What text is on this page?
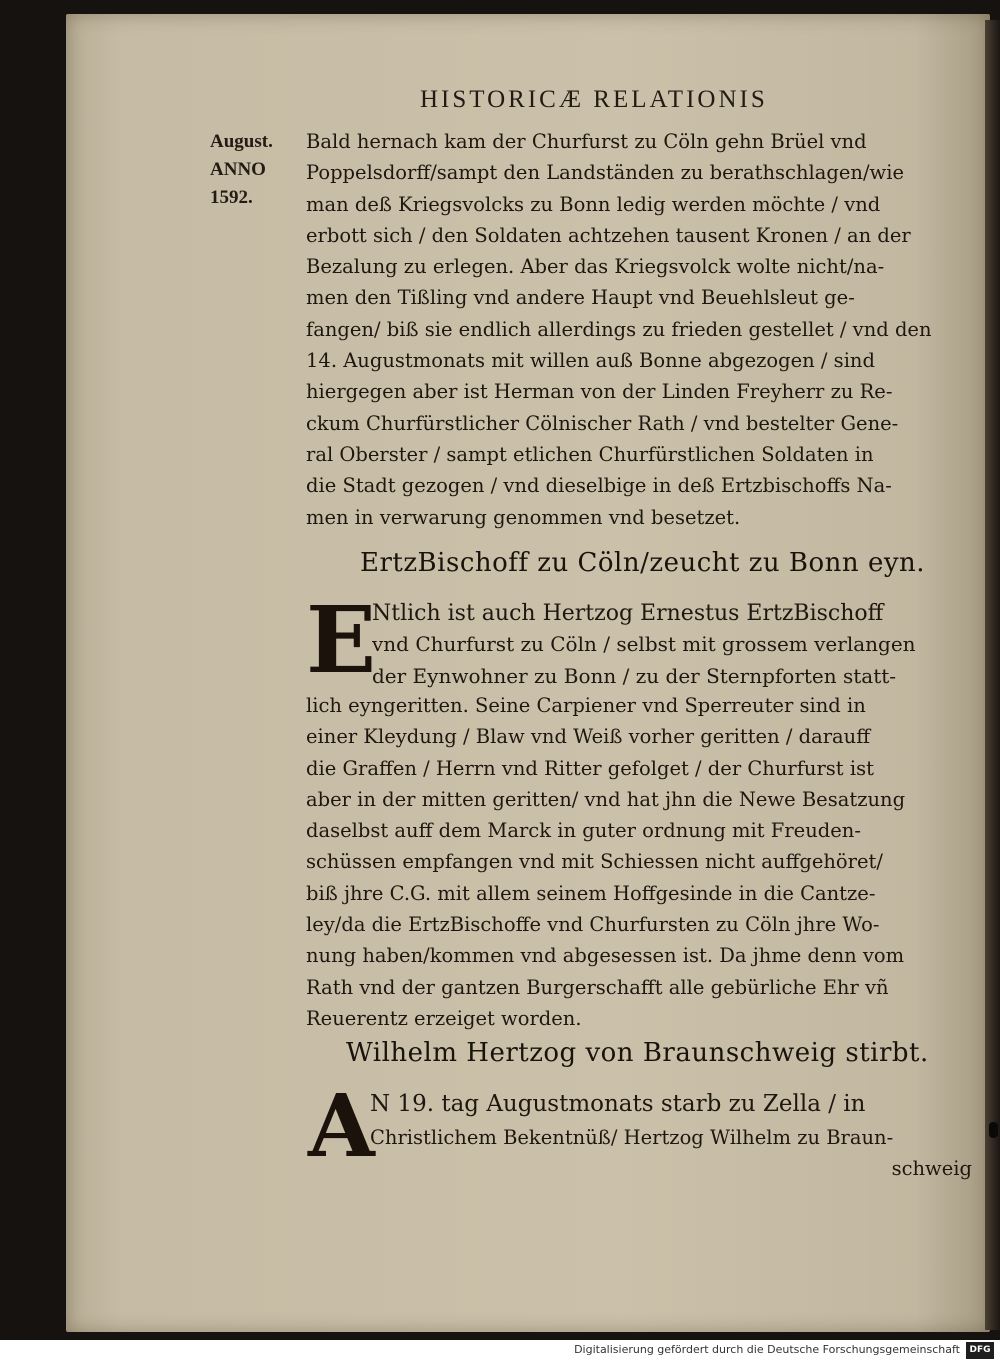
HISTORICÆ RELATIONIS
August.
ANNO
1592.
Bald hernach kam der Churfurst zu Cöln gehn Brüel vnd
Poppelsdorff/sampt den Landständen zu berathschlagen/wie
man deß Kriegsvolcks zu Bonn ledig werden möchte / vnd
erbott sich / den Soldaten achtzehen tausent Kronen / an der
Bezalung zu erlegen. Aber das Kriegsvolck wolte nicht/na-
men den Tißling vnd andere Haupt vnd Beuehlsleut ge-
fangen/ biß sie endlich allerdings zu frieden gestellet / vnd den
14. Augustmonats mit willen auß Bonne abgezogen / sind
hiergegen aber ist Herman von der Linden Freyherr zu Re-
ckum Churfürstlicher Cölnischer Rath / vnd bestelter Gene-
ral Oberster / sampt etlichen Churfürstlichen Soldaten in
die Stadt gezogen / vnd dieselbige in deß Ertzbischoffs Na-
men in verwarung genommen vnd besetzet.
ErtzBischoff zu Cöln/zeucht zu Bonn eyn.
E
Ntlich ist auch Hertzog Ernestus ErtzBischoff
vnd Churfurst zu Cöln / selbst mit grossem verlangen
der Eynwohner zu Bonn / zu der Sternpforten statt-
lich eyngeritten. Seine Carpiener vnd Sperreuter sind in
einer Kleydung / Blaw vnd Weiß vorher geritten / darauff
die Graffen / Herrn vnd Ritter gefolget / der Churfurst ist
aber in der mitten geritten/ vnd hat jhn die Newe Besatzung
daselbst auff dem Marck in guter ordnung mit Freuden-
schüssen empfangen vnd mit Schiessen nicht auffgehöret/
biß jhre C.G. mit allem seinem Hoffgesinde in die Cantze-
ley/da die ErtzBischoffe vnd Churfursten zu Cöln jhre Wo-
nung haben/kommen vnd abgesessen ist. Da jhme denn vom
Rath vnd der gantzen Burgerschafft alle gebürliche Ehr vñ
Reuerentz erzeiget worden.
Wilhelm Hertzog von Braunschweig stirbt.
A
N 19. tag Augustmonats starb zu Zella / in
Christlichem Bekentnüß/ Hertzog Wilhelm zu Braun-
schweig
Digitalisierung gefördert durch die Deutsche Forschungsgemeinschaft	DFG
